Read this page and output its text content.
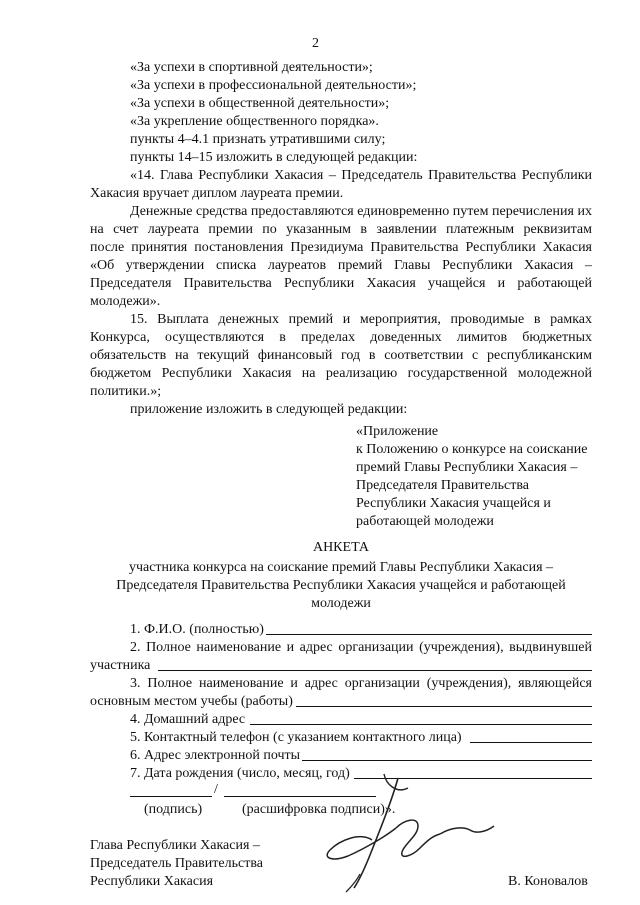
2
«За успехи в спортивной деятельности»;
«За успехи в профессиональной деятельности»;
«За успехи в общественной деятельности»;
«За укрепление общественного порядка».
пункты 4–4.1 признать утратившими силу;
пункты 14–15 изложить в следующей редакции:
«14. Глава Республики Хакасия – Председатель Правительства Республики
Хакасия вручает диплом лауреата премии.
Денежные средства предоставляются единовременно путем перечисления их
на счет лауреата премии по указанным в заявлении платежным реквизитам
после принятия постановления Президиума Правительства Республики Хакасия
«Об утверждении списка лауреатов премий Главы Республики Хакасия –
Председателя Правительства Республики Хакасия учащейся и работающей
молодежи».
15. Выплата денежных премий и мероприятия, проводимые в рамках
Конкурса, осуществляются в пределах доведенных лимитов бюджетных
обязательств на текущий финансовый год в соответствии с республиканским
бюджетом Республики Хакасия на реализацию государственной молодежной
политики.»;
приложение изложить в следующей редакции:
«Приложение
к Положению о конкурсе на соискание
премий Главы Республики Хакасия –
Председателя Правительства
Республики Хакасия учащейся и
работающей молодежи
АНКЕТА
участника конкурса на соискание премий Главы Республики Хакасия –
Председателя Правительства Республики Хакасия учащейся и работающей
молодежи
1. Ф.И.О. (полностью)
2. Полное наименование и адрес организации (учреждения), выдвинувшей
участника
3. Полное наименование и адрес организации (учреждения), являющейся
основным местом учебы (работы)
4. Домашний адрес
5. Контактный телефон (с указанием контактного лица)
6. Адрес электронной почты
7. Дата рождения (число, месяц, год)
/
(подпись)	(расшифровка подписи)».
Глава Республики Хакасия –
Председатель Правительства
Республики Хакасия	В. Коновалов
